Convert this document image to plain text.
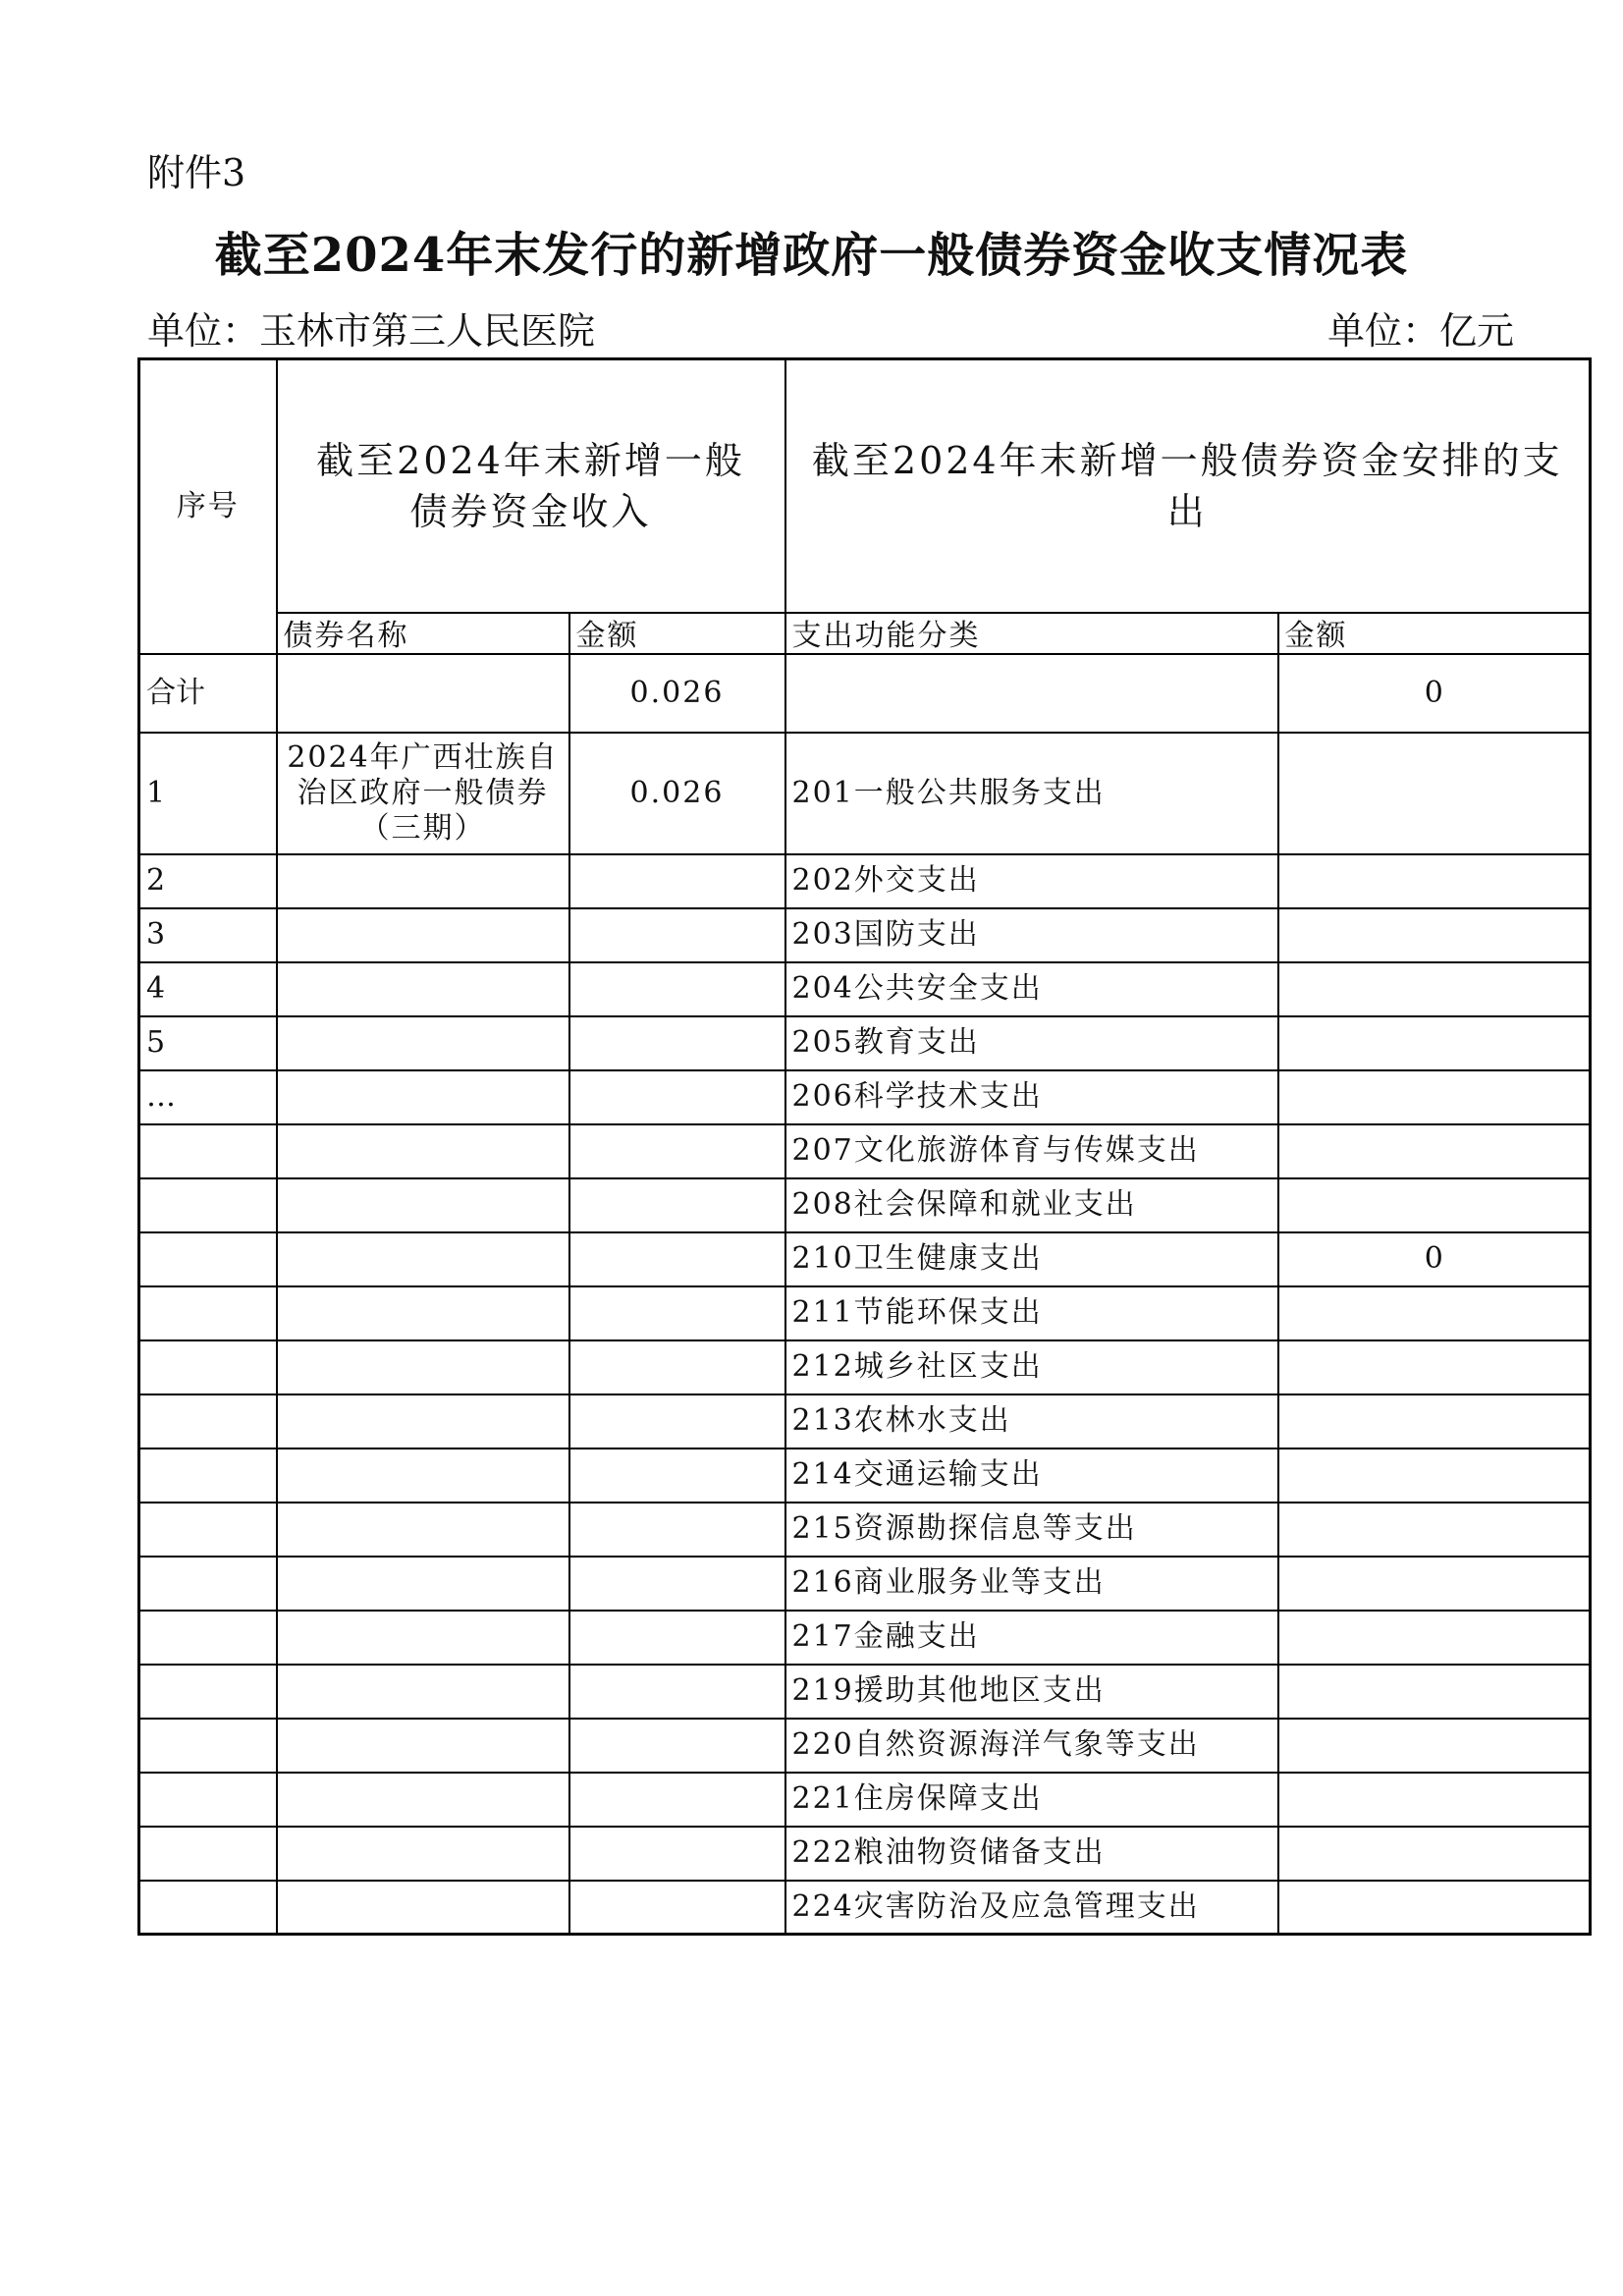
附件3
截至2024年末发行的新增政府一般债券资金收支情况表
单位：玉林市第三人民医院	单位：亿元
序号	截至2024年末新增一般债券资金收入		截至2024年末新增一般债券资金安排的支出	
	债券名称	金额	支出功能分类	金额
合计		0.026		0
1	2024年广西壮族自治区政府一般债券（三期）	0.026	201一般公共服务支出	
2			202外交支出	
3			203国防支出	
4			204公共安全支出	
5			205教育支出	
…			206科学技术支出	
			207文化旅游体育与传媒支出	
			208社会保障和就业支出	
			210卫生健康支出	0
			211节能环保支出	
			212城乡社区支出	
			213农林水支出	
			214交通运输支出	
			215资源勘探信息等支出	
			216商业服务业等支出	
			217金融支出	
			219援助其他地区支出	
			220自然资源海洋气象等支出	
			221住房保障支出	
			222粮油物资储备支出	
			224灾害防治及应急管理支出	
